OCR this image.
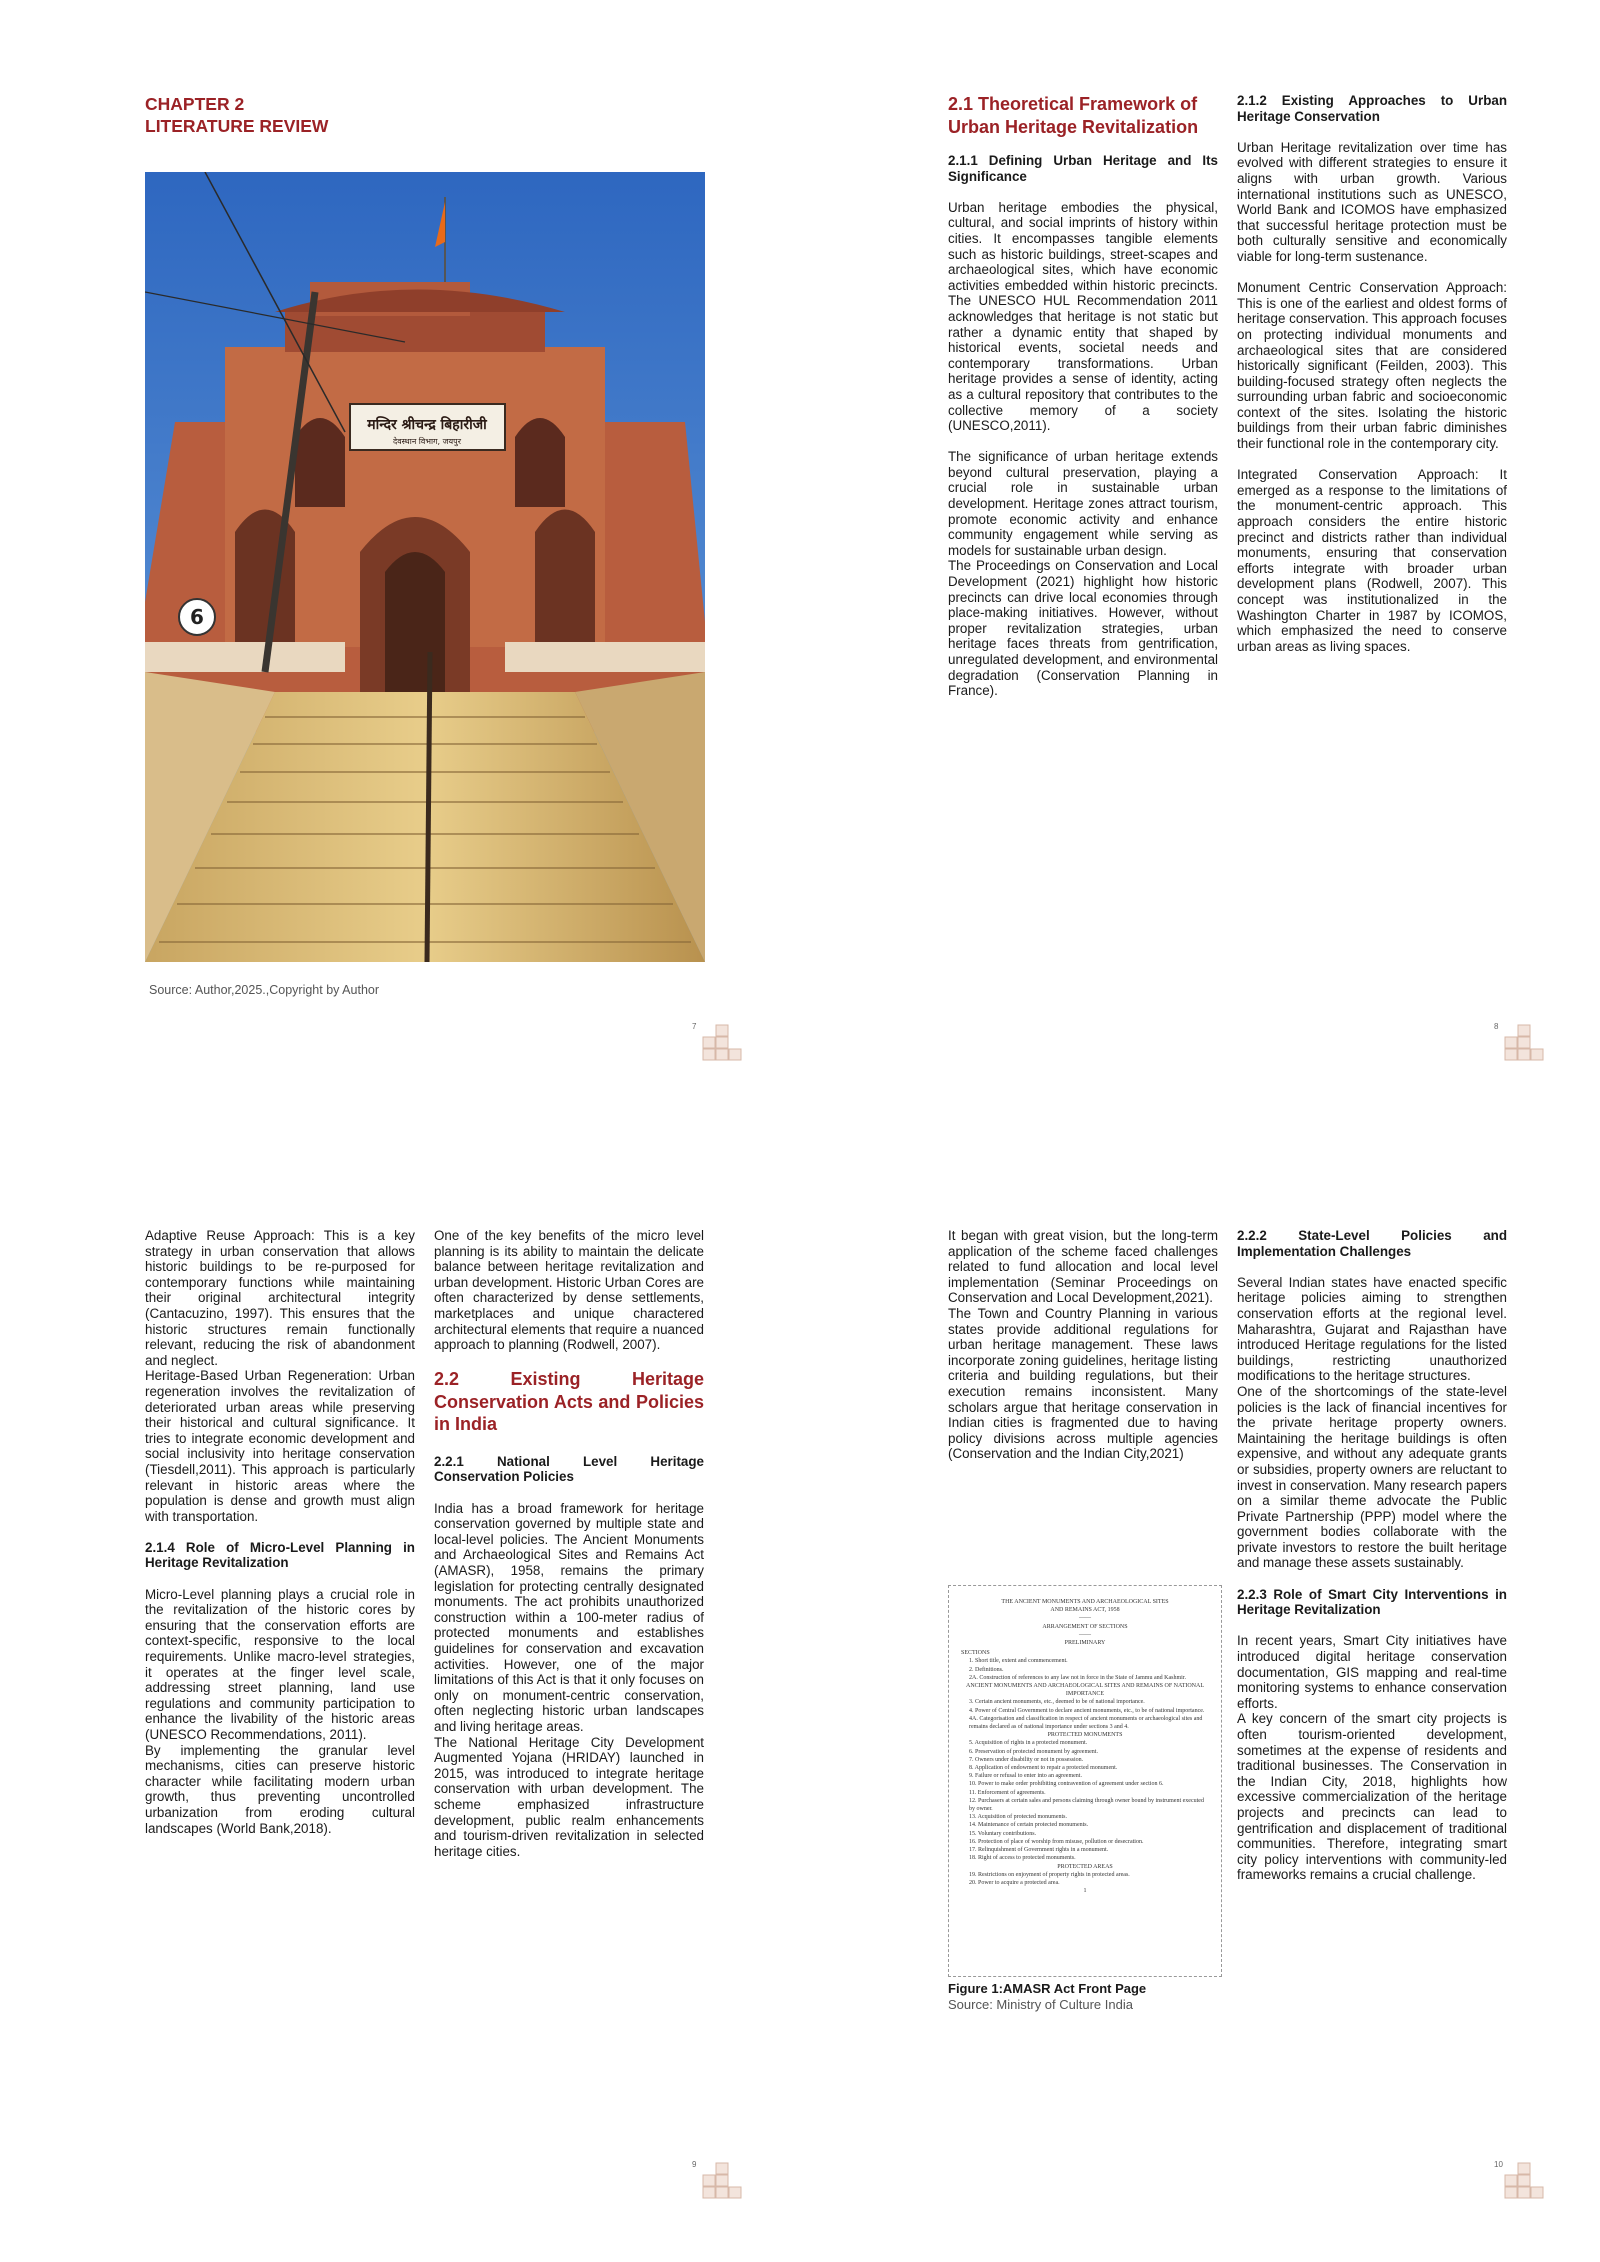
CHAPTER 2
LITERATURE REVIEW
मन्दिर श्रीचन्द्र बिहारीजी
देवस्थान विभाग, जयपुर
6
Source: Author,2025.,Copyright by Author
7
2.1 Theoretical Framework of Urban Heritage Revitalization
2.1.1 Defining Urban Heritage and Its Significance

Urban heritage embodies the physical, cultural, and social imprints of history within cities. It encompasses tangible elements such as historic buildings, street-scapes and archaeological sites, which have economic activities embedded within historic precincts. The UNESCO HUL Recommendation 2011 acknowledges that heritage is not static but rather a dynamic entity that shaped by historical events, societal needs and contemporary transformations. Urban heritage provides a sense of identity, acting as a cultural repository that contributes to the collective memory of a society (UNESCO,2011).

The significance of urban heritage extends beyond cultural preservation, playing a crucial role in sustainable urban development. Heritage zones attract tourism, promote economic activity and enhance community engagement while serving as models for sustainable urban design.

The Proceedings on Conservation and Local Development (2021) highlight how historic precincts can drive local economies through place-making initiatives. However, without proper revitalization strategies, urban heritage faces threats from gentrification, unregulated development, and environmental degradation (Conservation Planning in France).

2.1.2 Existing Approaches to Urban Heritage Conservation

Urban Heritage revitalization over time has evolved with different strategies to ensure it aligns with urban growth. Various international institutions such as UNESCO, World Bank and ICOMOS have emphasized that successful heritage protection must be both culturally sensitive and economically viable for long-term sustenance.

Monument Centric Conservation Approach: This is one of the earliest and oldest forms of heritage conservation. This approach focuses on protecting individual monuments and archaeological sites that are considered historically significant (Feilden, 2003). This building-focused strategy often neglects the surrounding urban fabric and socioeconomic context of the sites. Isolating the historic buildings from their urban fabric diminishes their functional role in the contemporary city.

Integrated Conservation Approach: It emerged as a response to the limitations of the monument-centric approach. This approach considers the entire historic precinct and districts rather than individual monuments, ensuring that conservation efforts integrate with broader urban development plans (Rodwell, 2007). This concept was institutionalized in the Washington Charter in 1987 by ICOMOS, which emphasized the need to conserve urban areas as living spaces.

8

Adaptive Reuse Approach: This is a key strategy in urban conservation that allows historic buildings to be re-purposed for contemporary functions while maintaining their original architectural integrity (Cantacuzino, 1997). This ensures that the historic structures remain functionally relevant, reducing the risk of abandonment and neglect.

Heritage-Based Urban Regeneration: Urban regeneration involves the revitalization of deteriorated urban areas while preserving their historical and cultural significance. It tries to integrate economic development and social inclusivity into heritage conservation (Tiesdell,2011). This approach is particularly relevant in historic areas where the population is dense and growth must align with transportation.

2.1.4 Role of Micro-Level Planning in Heritage Revitalization

Micro-Level planning plays a crucial role in the revitalization of the historic cores by ensuring that the conservation efforts are context-specific, responsive to the local requirements. Unlike macro-level strategies, it operates at the finger level scale, addressing street planning, land use regulations and community participation to enhance the livability of the historic areas (UNESCO Recommendations, 2011).

By implementing the granular level mechanisms, cities can preserve historic character while facilitating modern urban growth, thus preventing uncontrolled urbanization from eroding cultural landscapes (World Bank,2018).

One of the key benefits of the micro level planning is its ability to maintain the delicate balance between heritage revitalization and urban development. Historic Urban Cores are often characterized by dense settlements, marketplaces and unique charactered architectural elements that require a nuanced approach to planning (Rodwell, 2007).

2.2 Existing Heritage Conservation Acts and Policies in India
2.2.1 National Level Heritage Conservation Policies

India has a broad framework for heritage conservation governed by multiple state and local-level policies. The Ancient Monuments and Archaeological Sites and Remains Act (AMASR), 1958, remains the primary legislation for protecting centrally designated monuments. The act prohibits unauthorized construction within a 100-meter radius of protected monuments and establishes guidelines for conservation and excavation activities. However, one of the major limitations of this Act is that it only focuses on only on monument-centric conservation, often neglecting historic urban landscapes and living heritage areas.

The National Heritage City Development Augmented Yojana (HRIDAY) launched in 2015, was introduced to integrate heritage conservation with urban development. The scheme emphasized infrastructure development, public realm enhancements and tourism-driven revitalization in selected heritage cities.

9

It began with great vision, but the long-term application of the scheme faced challenges related to fund allocation and local level implementation (Seminar Proceedings on Conservation and Local Development,2021).

The Town and Country Planning in various states provide additional regulations for urban heritage management. These laws incorporate zoning guidelines, heritage listing criteria and building regulations, but their execution remains inconsistent. Many scholars argue that heritage conservation in Indian cities is fragmented due to having policy divisions across multiple agencies (Conservation and the Indian City,2021)

THE ANCIENT MONUMENTS AND ARCHAEOLOGICAL SITES
AND REMAINS ACT, 1958
——
ARRANGEMENT OF SECTIONS
——
PRELIMINARY
SECTIONS
1. Short title, extent and commencement.
2. Definitions.
2A. Construction of references to any law not in force in the State of Jammu and Kashmir.
ANCIENT MONUMENTS AND ARCHAEOLOGICAL SITES AND REMAINS OF NATIONAL IMPORTANCE
3. Certain ancient monuments, etc., deemed to be of national importance.
4. Power of Central Government to declare ancient monuments, etc., to be of national importance.
4A. Categorisation and classification in respect of ancient monuments or archaeological sites and remains declared as of national importance under sections 3 and 4.
PROTECTED MONUMENTS
5. Acquisition of rights in a protected monument.
6. Preservation of protected monument by agreement.
7. Owners under disability or not in possession.
8. Application of endowment to repair a protected monument.
9. Failure or refusal to enter into an agreement.
10. Power to make order prohibiting contravention of agreement under section 6.
11. Enforcement of agreements.
12. Purchasers at certain sales and persons claiming through owner bound by instrument executed by owner.
13. Acquisition of protected monuments.
14. Maintenance of certain protected monuments.
15. Voluntary contributions.
16. Protection of place of worship from misuse, pollution or desecration.
17. Relinquishment of Government rights in a monument.
18. Right of access to protected monuments.
PROTECTED AREAS
19. Restrictions on enjoyment of property rights in protected areas.
20. Power to acquire a protected area.
1
Figure 1:AMASR Act Front Page
Source: Ministry of Culture India
2.2.2 State-Level Policies and Implementation Challenges

Several Indian states have enacted specific heritage policies aiming to strengthen conservation efforts at the regional level. Maharashtra, Gujarat and Rajasthan have introduced Heritage regulations for the listed buildings, restricting unauthorized modifications to the heritage structures.

One of the shortcomings of the state-level policies is the lack of financial incentives for the private heritage property owners. Maintaining the heritage buildings is often expensive, and without any adequate grants or subsidies, property owners are reluctant to invest in conservation. Many research papers on a similar theme advocate the Public Private Partnership (PPP) model where the government bodies collaborate with the private investors to restore the built heritage and manage these assets sustainably.

2.2.3 Role of Smart City Interventions in Heritage Revitalization

In recent years, Smart City initiatives have introduced digital heritage conservation documentation, GIS mapping and real-time monitoring systems to enhance conservation efforts.

A key concern of the smart city projects is often tourism-oriented development, sometimes at the expense of residents and traditional businesses. The Conservation in the Indian City, 2018, highlights how excessive commercialization of the heritage projects and precincts can lead to gentrification and displacement of traditional communities. Therefore, integrating smart city policy interventions with community-led frameworks remains a crucial challenge.

10
